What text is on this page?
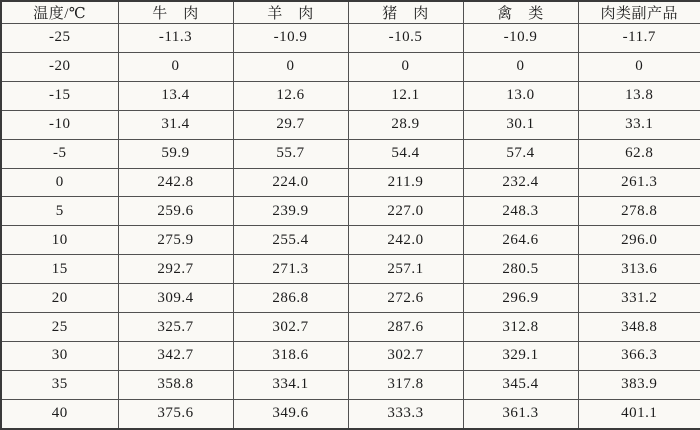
温度/℃	牛　肉	羊　肉	猪　肉	禽　类	肉类副产品
-25	-11.3	-10.9	-10.5	-10.9	-11.7
-20	0	0	0	0	0
-15	13.4	12.6	12.1	13.0	13.8
-10	31.4	29.7	28.9	30.1	33.1
-5	59.9	55.7	54.4	57.4	62.8
0	242.8	224.0	211.9	232.4	261.3
5	259.6	239.9	227.0	248.3	278.8
10	275.9	255.4	242.0	264.6	296.0
15	292.7	271.3	257.1	280.5	313.6
20	309.4	286.8	272.6	296.9	331.2
25	325.7	302.7	287.6	312.8	348.8
30	342.7	318.6	302.7	329.1	366.3
35	358.8	334.1	317.8	345.4	383.9
40	375.6	349.6	333.3	361.3	401.1
